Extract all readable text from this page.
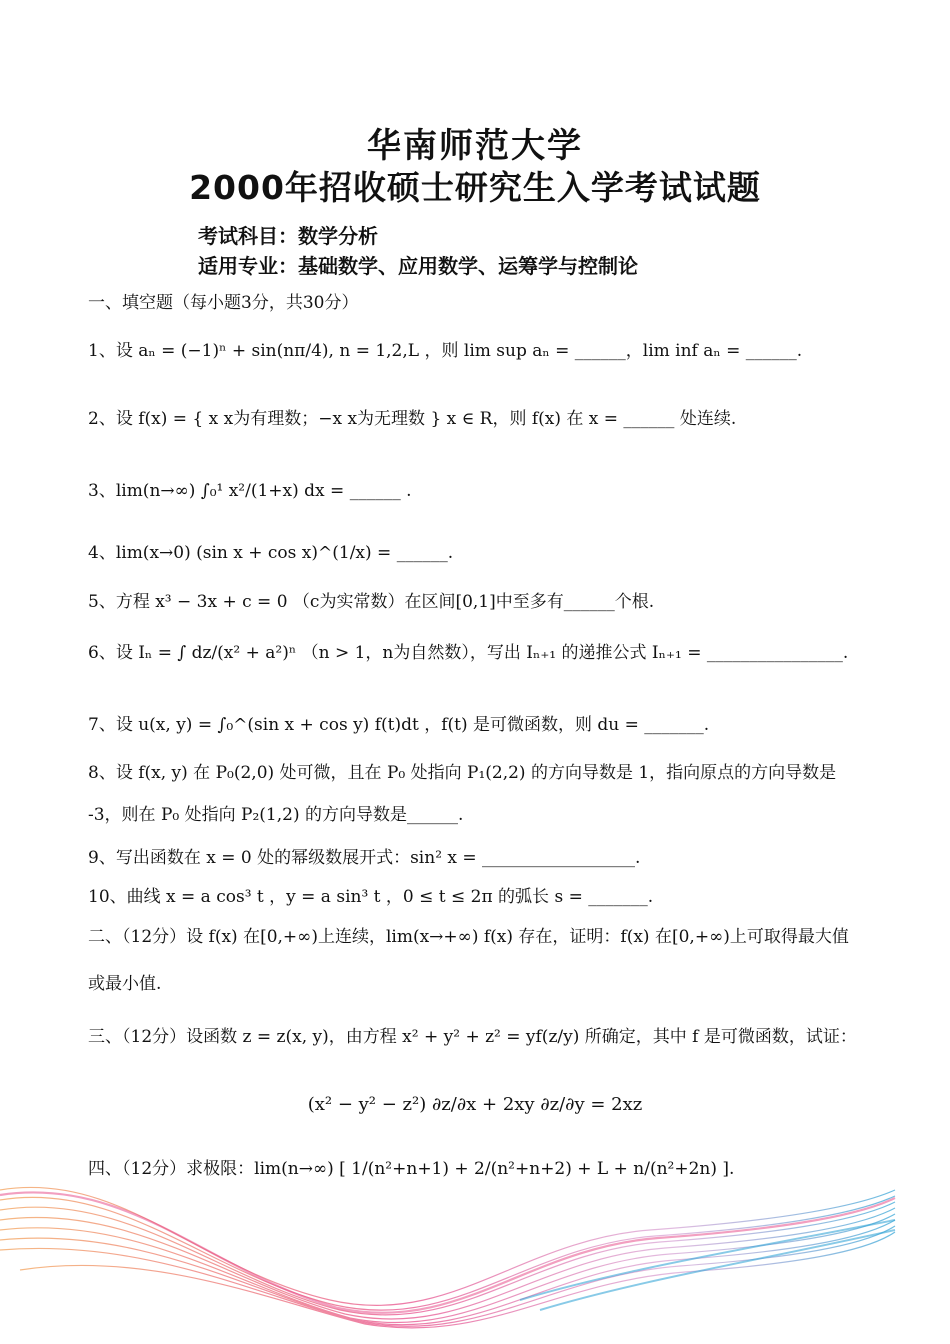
华南师范大学
2000年招收硕士研究生入学考试试题
考试科目：数学分析
适用专业：基础数学、应用数学、运筹学与控制论
一、填空题（每小题3分，共30分）
1、设 aₙ = (−1)ⁿ + sin(nπ/4), n = 1,2,L ，则 lim sup aₙ = ______，lim inf aₙ = ______.
2、设 f(x) = { x x为有理数；−x x为无理数 } x ∈ R，则 f(x) 在 x = ______ 处连续.
3、lim(n→∞) ∫₀¹ x²/(1+x) dx = ______ .
4、lim(x→0) (sin x + cos x)^(1/x) = ______.
5、方程 x³ − 3x + c = 0 （c为实常数）在区间[0,1]中至多有______个根.
6、设 Iₙ = ∫ dz/(x² + a²)ⁿ （n > 1，n为自然数），写出 Iₙ₊₁ 的递推公式 Iₙ₊₁ = ________________.
7、设 u(x, y) = ∫₀^(sin x + cos y) f(t)dt ，f(t) 是可微函数，则 du = _______.
8、设 f(x, y) 在 P₀(2,0) 处可微，且在 P₀ 处指向 P₁(2,2) 的方向导数是 1，指向原点的方向导数是
-3，则在 P₀ 处指向 P₂(1,2) 的方向导数是______.
9、写出函数在 x = 0 处的幂级数展开式：sin² x = __________________.
10、曲线 x = a cos³ t ，y = a sin³ t ，0 ≤ t ≤ 2π 的弧长 s = _______.
二、（12分）设 f(x) 在[0,+∞)上连续，lim(x→+∞) f(x) 存在，证明：f(x) 在[0,+∞)上可取得最大值
或最小值.
三、（12分）设函数 z = z(x, y)，由方程 x² + y² + z² = yf(z/y) 所确定，其中 f 是可微函数，试证：
(x² − y² − z²) ∂z/∂x + 2xy ∂z/∂y = 2xz
四、（12分）求极限：lim(n→∞) [ 1/(n²+n+1) + 2/(n²+n+2) + L + n/(n²+2n) ].
